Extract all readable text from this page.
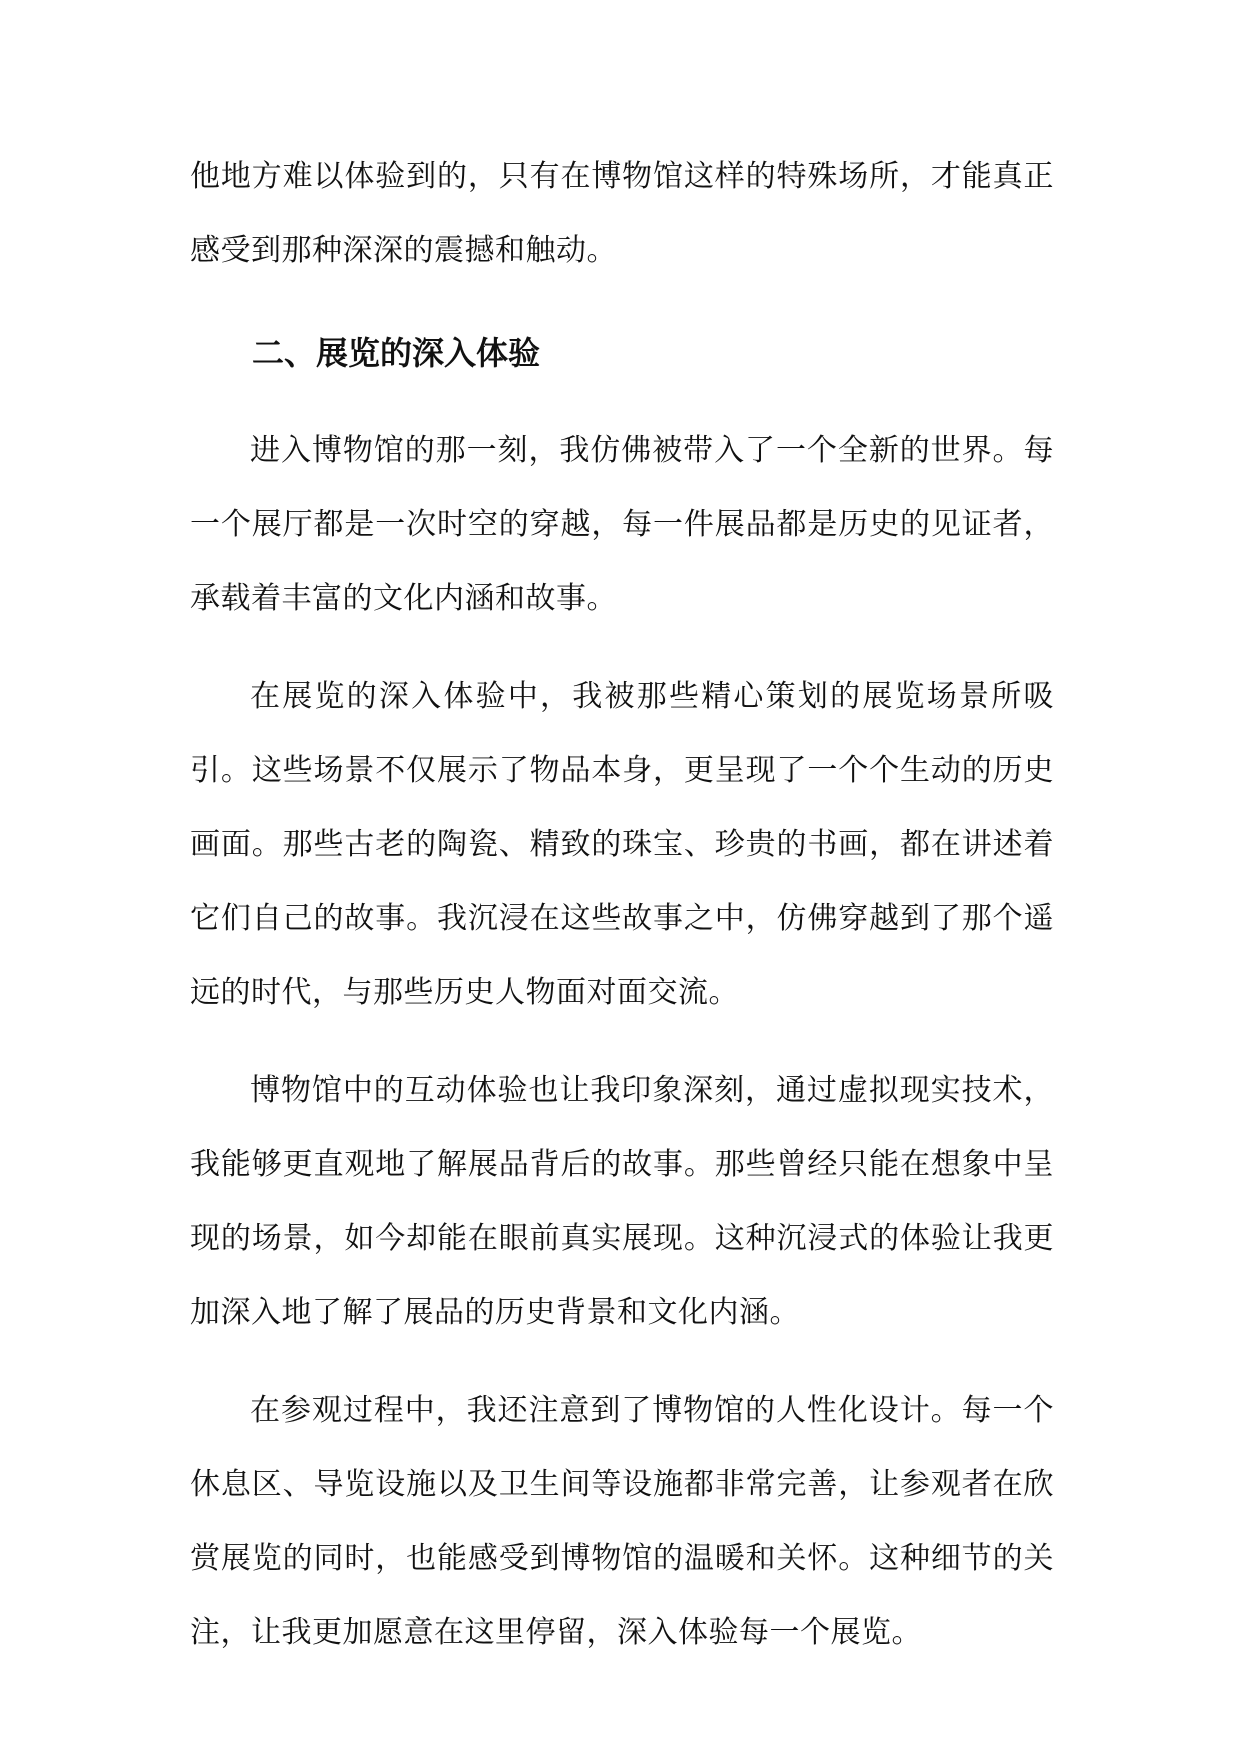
他地方难以体验到的，只有在博物馆这样的特殊场所，才能真正感受到那种深深的震撼和触动。

二、展览的深入体验

进入博物馆的那一刻，我仿佛被带入了一个全新的世界。每一个展厅都是一次时空的穿越，每一件展品都是历史的见证者，承载着丰富的文化内涵和故事。

在展览的深入体验中，我被那些精心策划的展览场景所吸引。这些场景不仅展示了物品本身，更呈现了一个个生动的历史画面。那些古老的陶瓷、精致的珠宝、珍贵的书画，都在讲述着它们自己的故事。我沉浸在这些故事之中，仿佛穿越到了那个遥远的时代，与那些历史人物面对面交流。

博物馆中的互动体验也让我印象深刻，通过虚拟现实技术，我能够更直观地了解展品背后的故事。那些曾经只能在想象中呈现的场景，如今却能在眼前真实展现。这种沉浸式的体验让我更加深入地了解了展品的历史背景和文化内涵。

在参观过程中，我还注意到了博物馆的人性化设计。每一个休息区、导览设施以及卫生间等设施都非常完善，让参观者在欣赏展览的同时，也能感受到博物馆的温暖和关怀。这种细节的关注，让我更加愿意在这里停留，深入体验每一个展览。
